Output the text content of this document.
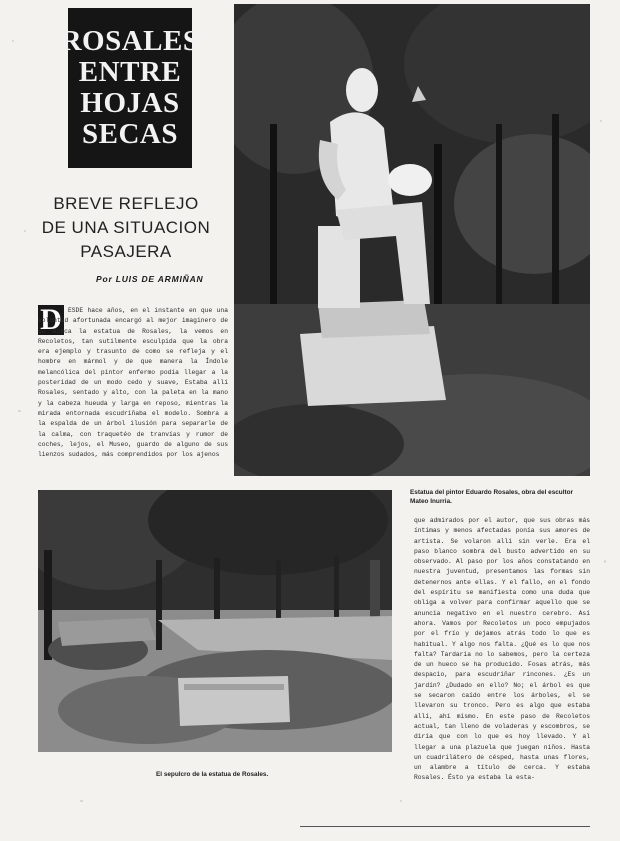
ROSALES
ENTRE
HOJAS
SECAS
BREVE REFLEJO
DE UNA SITUACION
PASAJERA
Por LUIS DE ARMIÑAN
D ESDE hace años, en el instante en que una voluntad afortunada encargó al mejor imaginero de su época la estatua de Rosales, la vemos en Recoletos, tan sutilmente esculpida que la obra era ejemplo y trasunto de como se refleja y el hombre en mármol y de que manera la Índole melancólica del pintor enfermo podía llegar a la posteridad de un modo cedo y suave, Estaba allí Rosales, sentado y alto, con la paleta en la mano y la cabeza hueuda y larga en reposo, mientras la mirada entornada escudriñaba el modelo. Sombra a la espalda de un árbol ilusión para separarle de la calma, con traquetéo de tranvías y rumor de coches, lejos, el Museo, guardo de alguno de sus lienzos sudados, más comprendidos por los ajenos
Estatua del pintor Eduardo Rosales, obra del escultor Mateo Inurria.
El sepulcro de la estatua de Rosales.
que admirados por el autor, que sus obras más íntimas y menos afectadas ponía sus amores de artista. Se volaron allí sin verle. Era el paso blanco sombra del busto advertido en su observado. Al paso por los años constatando en nuestra juventud, presentamos las formas sin detenernos ante ellas. Y el fallo, en el fondo del espíritu se manifiesta como una duda que obliga a volver para confirmar aquello que se anuncia negativo en el nuestro cerebro. Así ahora. Vamos por Recoletos un poco empujados por el frío y dejamos atrás todo lo que es habitual. Y algo nos falta. ¿Qué es lo que nos falta? Tardaría no lo sabemos, pero la certeza de un hueco se ha producido. Fosas atrás, más despacio, para escudriñar rincones. ¿Es un jardín? ¿Dudado en ello? No; el árbol es que se secaron caído entre los árboles, el se llevaron su tronco. Pero es algo que estaba allí, ahí mismo. En este paso de Recoletos actual, tan lleno de voladeras y escombros, se diría que con lo que es hoy llevado. Y al llegar a una plazuela que juegan niños. Hasta un cuadrilátero de césped, hasta unas flores, un alambre a título de cerca. Y estaba Rosales. Ésto ya estaba la esta-
